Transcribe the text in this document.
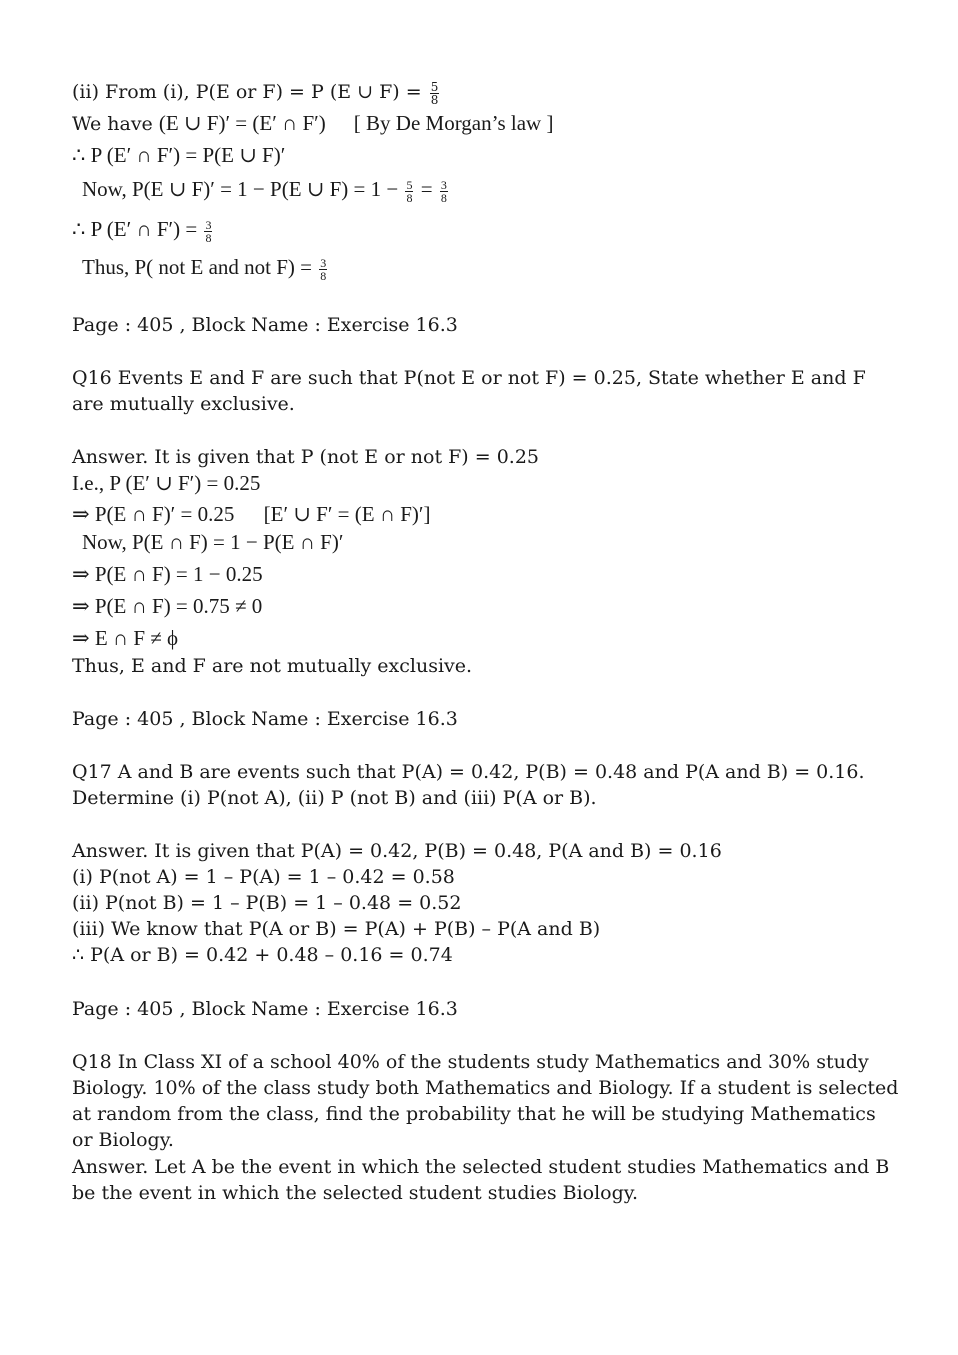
(ii) From (i), P(E or F) = P (E ∪ $F) = \frac{5}{8}$
We have (E ∪ F)′ = (E′ ∩ F′) [ By De Morgan’s law ]
∴ P (E′ ∩ F′) = P(E ∪ F)′
Now, P(E ∪ F)′ = 1 − P(E ∪ $F) = 1 - \frac{5}{8} = \frac{3}{8}$
∴ P (E′ ∩ $F') = \frac{3}{8}$
Thus, P( not E and not $F) = \frac{3}{8}$
Page : 405 , Block Name : Exercise 16.3
Q16 Events E and F are such that P(not E or not F) = 0.25, State whether E and F are mutually exclusive.
Answer. It is given that P (not E or not F) = 0.25
I.e., P (E′ ∪ F′) = 0.25
⇒ P(E ∩ F)′ = 0.25 [E′ ∪ F′ = (E ∩ F)′]
Now, P(E ∩ F) = 1 − P(E ∩ F)′
⇒ P(E ∩ F) = 1 − 0.25
⇒ P(E ∩ F) = 0.75 ≠ 0
⇒ E ∩ F ≠ ϕ
Thus, E and F are not mutually exclusive.
Page : 405 , Block Name : Exercise 16.3
Q17 A and B are events such that P(A) = 0.42, P(B) = 0.48 and P(A and B) = 0.16. Determine (i) P(not A), (ii) P (not B) and (iii) P(A or B).
Answer. It is given that P(A) = 0.42, P(B) = 0.48, P(A and B) = 0.16
(i) P(not A) = 1 – P(A) = 1 – 0.42 = 0.58
(ii) P(not B) = 1 – P(B) = 1 – 0.48 = 0.52
(iii) We know that P(A or B) = P(A) + P(B) – P(A and B)
∴ P(A or B) = 0.42 + 0.48 – 0.16 = 0.74
Page : 405 , Block Name : Exercise 16.3
Q18 In Class XI of a school 40% of the students study Mathematics and 30% study Biology. 10% of the class study both Mathematics and Biology. If a student is selected at random from the class, find the probability that he will be studying Mathematics or Biology.
Answer. Let A be the event in which the selected student studies Mathematics and B be the event in which the selected student studies Biology.
